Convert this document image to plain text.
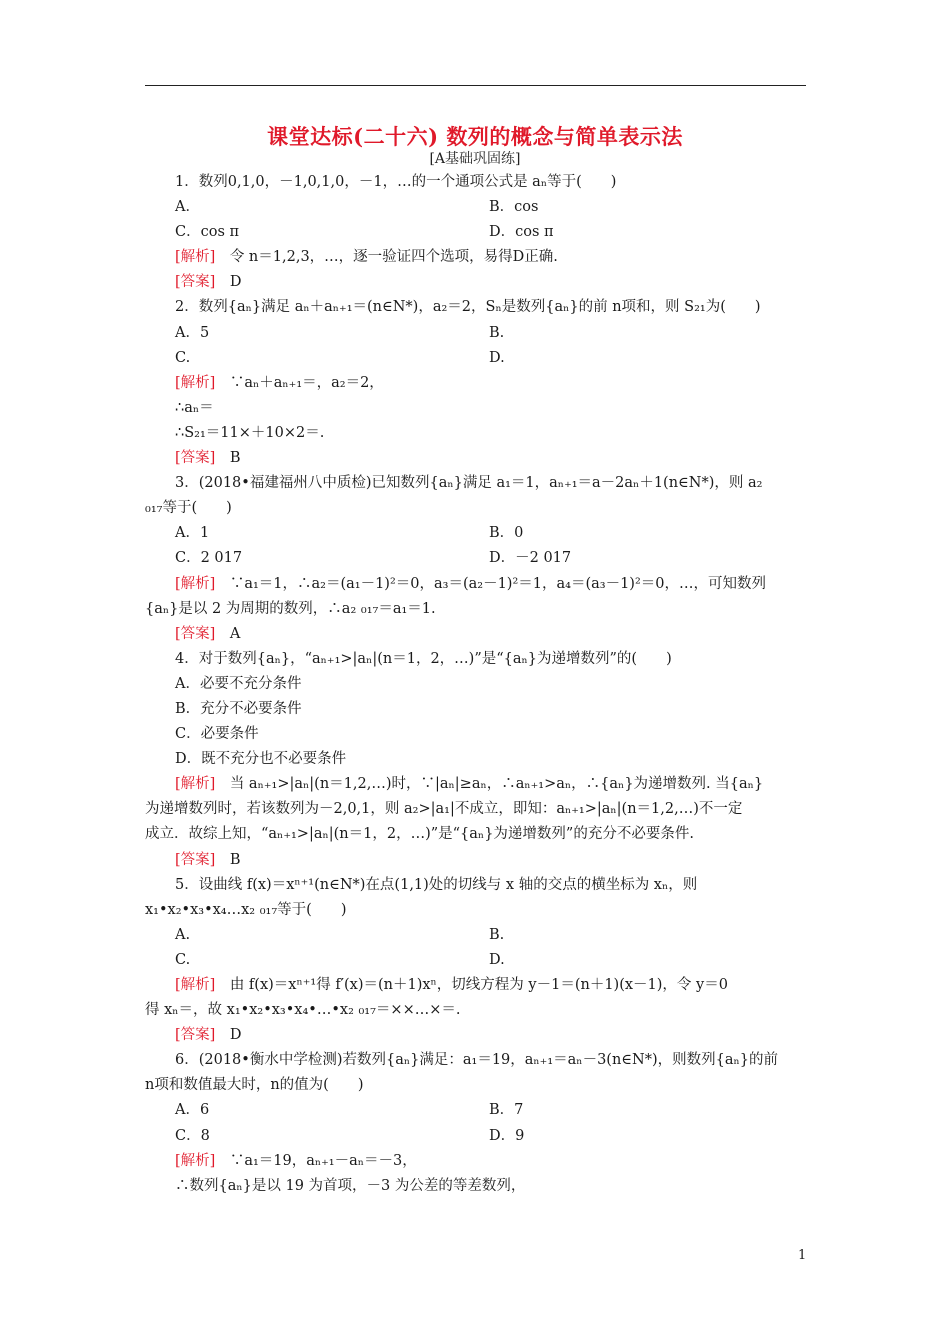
课堂达标(二十六) 数列的概念与简单表示法
[A基础巩固练]
1．数列0,1,0，－1,0,1,0，－1，…的一个通项公式是 aₙ等于(　　)
A．	B．cos
C．cos π	D．cos π
[解析]　令 n＝1,2,3，…，逐一验证四个选项，易得D正确.
[答案]　D
2．数列{aₙ}满足 aₙ＋aₙ₊₁＝(n∈N*)，a₂＝2，Sₙ是数列{aₙ}的前 n项和，则 S₂₁为(　　)
A．5	B.
C.	D.
[解析]　∵aₙ＋aₙ₊₁＝，a₂＝2，
∴aₙ＝
∴S₂₁＝11×＋10×2＝.
[答案]　B
3．(2018•福建福州八中质检)已知数列{aₙ}满足 a₁＝1，aₙ₊₁＝a－2aₙ＋1(n∈N*)，则 a₂
₀₁₇等于(　　)
A．1	B．0
C．2 017	D．－2 017
[解析]　∵a₁＝1，∴a₂＝(a₁－1)²＝0，a₃＝(a₂－1)²＝1，a₄＝(a₃－1)²＝0，…，可知数列
{aₙ}是以 2 为周期的数列，∴a₂ ₀₁₇＝a₁＝1.
[答案]　A
4．对于数列{aₙ}，“aₙ₊₁>|aₙ|(n＝1，2，…)”是“{aₙ}为递增数列”的(　　)
A．必要不充分条件
B．充分不必要条件
C．必要条件
D．既不充分也不必要条件
[解析]　当 aₙ₊₁>|aₙ|(n＝1,2,…)时，∵|aₙ|≥aₙ，∴aₙ₊₁>aₙ，∴{aₙ}为递增数列. 当{aₙ}
为递增数列时，若该数列为－2,0,1，则 a₂>|a₁|不成立，即知：aₙ₊₁>|aₙ|(n＝1,2,…)不一定
成立．故综上知，“aₙ₊₁>|aₙ|(n＝1，2，…)”是“{aₙ}为递增数列”的充分不必要条件.
[答案]　B
5．设曲线 f(x)＝xⁿ⁺¹(n∈N*)在点(1,1)处的切线与 x 轴的交点的横坐标为 xₙ，则
x₁•x₂•x₃•x₄…x₂ ₀₁₇等于(　　)
A.	B.
C.	D.
[解析]　由 f(x)＝xⁿ⁺¹得 f′(x)＝(n＋1)xⁿ，切线方程为 y－1＝(n＋1)(x－1)，令 y＝0
得 xₙ＝，故 x₁•x₂•x₃•x₄•…•x₂ ₀₁₇＝××…×＝.
[答案]　D
6．(2018•衡水中学检测)若数列{aₙ}满足：a₁＝19，aₙ₊₁＝aₙ－3(n∈N*)，则数列{aₙ}的前
n项和数值最大时，n的值为(　　)
A．6	B．7
C．8	D．9
[解析]　∵a₁＝19，aₙ₊₁－aₙ＝－3，
∴数列{aₙ}是以 19 为首项，－3 为公差的等差数列，
1
